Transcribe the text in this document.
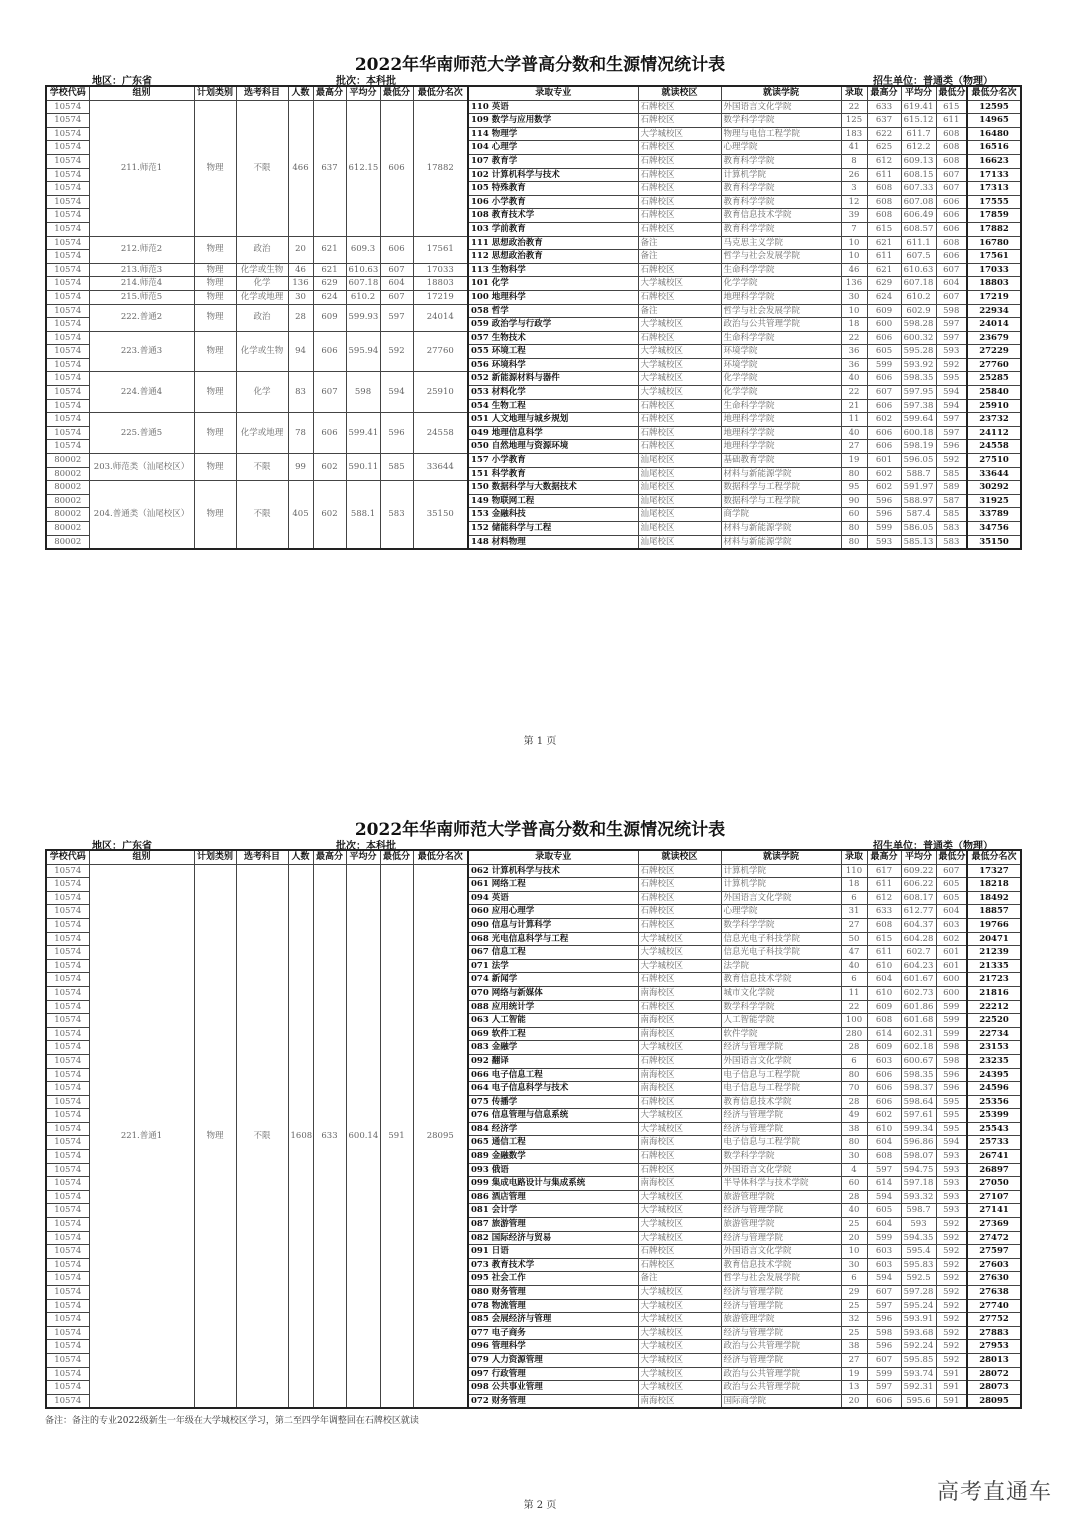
2022年华南师范大学普高分数和生源情况统计表
地区：广东省	批次：本科批	招生单位：普通类（物理）
学校代码	组别	计划类别	选考科目	人数	最高分	平均分	最低分	最低分名次	录取专业	就读校区	就读学院	录取	最高分	平均分	最低分	最低分名次
10574	211.师范1	物理	不限	466	637	612.15	606	17882	110 英语	石牌校区	外国语言文化学院	22	633	619.41	615	12595
10574									109 数学与应用数学	石牌校区	数学科学学院	125	637	615.12	611	14965
10574									114 物理学	大学城校区	物理与电信工程学院	183	622	611.7	608	16480
10574									104 心理学	石牌校区	心理学院	41	625	612.2	608	16516
10574									107 教育学	石牌校区	教育科学学院	8	612	609.13	608	16623
10574									102 计算机科学与技术	石牌校区	计算机学院	26	611	608.15	607	17133
10574									105 特殊教育	石牌校区	教育科学学院	3	608	607.33	607	17313
10574									106 小学教育	石牌校区	教育科学学院	12	608	607.08	606	17555
10574									108 教育技术学	石牌校区	教育信息技术学院	39	608	606.49	606	17859
10574									103 学前教育	石牌校区	教育科学学院	7	615	608.57	606	17882
10574	212.师范2	物理	政治	20	621	609.3	606	17561	111 思想政治教育	备注	马克思主义学院	10	621	611.1	608	16780
10574									112 思想政治教育	备注	哲学与社会发展学院	10	611	607.5	606	17561
10574	213.师范3	物理	化学或生物	46	621	610.63	607	17033	113 生物科学	石牌校区	生命科学学院	46	621	610.63	607	17033
10574	214.师范4	物理	化学	136	629	607.18	604	18803	101 化学	大学城校区	化学学院	136	629	607.18	604	18803
10574	215.师范5	物理	化学或地理	30	624	610.2	607	17219	100 地理科学	石牌校区	地理科学学院	30	624	610.2	607	17219
10574	222.普通2	物理	政治	28	609	599.93	597	24014	058 哲学	备注	哲学与社会发展学院	10	609	602.9	598	22934
10574									059 政治学与行政学	大学城校区	政治与公共管理学院	18	600	598.28	597	24014
10574	223.普通3	物理	化学或生物	94	606	595.94	592	27760	057 生物技术	石牌校区	生命科学学院	22	606	600.32	597	23679
10574									055 环境工程	大学城校区	环境学院	36	605	595.28	593	27229
10574									056 环境科学	大学城校区	环境学院	36	599	593.92	592	27760
10574	224.普通4	物理	化学	83	607	598	594	25910	052 新能源材料与器件	大学城校区	化学学院	40	606	598.35	595	25285
10574									053 材料化学	大学城校区	化学学院	22	607	597.95	594	25840
10574									054 生物工程	石牌校区	生命科学学院	21	606	597.38	594	25910
10574	225.普通5	物理	化学或地理	78	606	599.41	596	24558	051 人文地理与城乡规划	石牌校区	地理科学学院	11	602	599.64	597	23732
10574									049 地理信息科学	石牌校区	地理科学学院	40	606	600.18	597	24112
10574									050 自然地理与资源环境	石牌校区	地理科学学院	27	606	598.19	596	24558
80002	203.师范类（汕尾校区）	物理	不限	99	602	590.11	585	33644	157 小学教育	汕尾校区	基础教育学院	19	601	596.05	592	27510
80002									151 科学教育	汕尾校区	材料与新能源学院	80	602	588.7	585	33644
80002	204.普通类（汕尾校区）	物理	不限	405	602	588.1	583	35150	150 数据科学与大数据技术	汕尾校区	数据科学与工程学院	95	602	591.97	589	30292
80002									149 物联网工程	汕尾校区	数据科学与工程学院	90	596	588.97	587	31925
80002									153 金融科技	汕尾校区	商学院	60	596	587.4	585	33789
80002									152 储能科学与工程	汕尾校区	材料与新能源学院	80	599	586.05	583	34756
80002									148 材料物理	汕尾校区	材料与新能源学院	80	593	585.13	583	35150
第 1 页
2022年华南师范大学普高分数和生源情况统计表
地区：广东省	批次：本科批	招生单位：普通类（物理）
学校代码	组别	计划类别	选考科目	人数	最高分	平均分	最低分	最低分名次	录取专业	就读校区	就读学院	录取	最高分	平均分	最低分	最低分名次
10574	221.普通1	物理	不限	1608	633	600.14	591	28095	062 计算机科学与技术	石牌校区	计算机学院	110	617	609.22	607	17327
10574									061 网络工程	石牌校区	计算机学院	18	611	606.22	605	18218
10574									094 英语	石牌校区	外国语言文化学院	6	612	608.17	605	18492
10574									060 应用心理学	石牌校区	心理学院	31	633	612.77	604	18857
10574									090 信息与计算科学	石牌校区	数学科学学院	27	608	604.37	603	19766
10574									068 光电信息科学与工程	大学城校区	信息光电子科技学院	50	615	604.28	602	20471
10574									067 信息工程	大学城校区	信息光电子科技学院	47	611	602.7	601	21239
10574									071 法学	大学城校区	法学院	40	610	604.23	601	21335
10574									074 新闻学	石牌校区	教育信息技术学院	6	604	601.67	600	21723
10574									070 网络与新媒体	南海校区	城市文化学院	11	610	602.73	600	21816
10574									088 应用统计学	石牌校区	数学科学学院	22	609	601.86	599	22212
10574									063 人工智能	南海校区	人工智能学院	100	608	601.68	599	22520
10574									069 软件工程	南海校区	软件学院	280	614	602.31	599	22734
10574									083 金融学	大学城校区	经济与管理学院	28	609	602.18	598	23153
10574									092 翻译	石牌校区	外国语言文化学院	6	603	600.67	598	23235
10574									066 电子信息工程	南海校区	电子信息与工程学院	80	606	598.35	596	24395
10574									064 电子信息科学与技术	南海校区	电子信息与工程学院	70	606	598.37	596	24596
10574									075 传播学	石牌校区	教育信息技术学院	28	606	598.64	595	25356
10574									076 信息管理与信息系统	大学城校区	经济与管理学院	49	602	597.61	595	25399
10574									084 经济学	大学城校区	经济与管理学院	38	610	599.34	595	25543
10574									065 通信工程	南海校区	电子信息与工程学院	80	604	596.86	594	25733
10574									089 金融数学	石牌校区	数学科学学院	30	608	598.07	593	26741
10574									093 俄语	石牌校区	外国语言文化学院	4	597	594.75	593	26897
10574									099 集成电路设计与集成系统	南海校区	半导体科学与技术学院	60	614	597.18	593	27050
10574									086 酒店管理	大学城校区	旅游管理学院	28	594	593.32	593	27107
10574									081 会计学	大学城校区	经济与管理学院	40	605	598.7	593	27141
10574									087 旅游管理	大学城校区	旅游管理学院	25	604	593	592	27369
10574									082 国际经济与贸易	大学城校区	经济与管理学院	20	599	594.35	592	27472
10574									091 日语	石牌校区	外国语言文化学院	10	603	595.4	592	27597
10574									073 教育技术学	石牌校区	教育信息技术学院	30	603	595.83	592	27603
10574									095 社会工作	备注	哲学与社会发展学院	6	594	592.5	592	27630
10574									080 财务管理	大学城校区	经济与管理学院	29	607	597.28	592	27638
10574									078 物流管理	大学城校区	经济与管理学院	25	597	595.24	592	27740
10574									085 会展经济与管理	大学城校区	旅游管理学院	32	596	593.91	592	27752
10574									077 电子商务	大学城校区	经济与管理学院	25	598	593.68	592	27883
10574									096 管理科学	大学城校区	政治与公共管理学院	38	596	592.24	592	27953
10574									079 人力资源管理	大学城校区	经济与管理学院	27	607	595.85	592	28013
10574									097 行政管理	大学城校区	政治与公共管理学院	19	599	593.74	591	28072
10574									098 公共事业管理	大学城校区	政治与公共管理学院	13	597	592.31	591	28073
10574									072 财务管理	南海校区	国际商学院	20	606	595.6	591	28095
备注：备注的专业2022级新生一年级在大学城校区学习，第二至四学年调整回在石牌校区就读
第 2 页
高考直通车
